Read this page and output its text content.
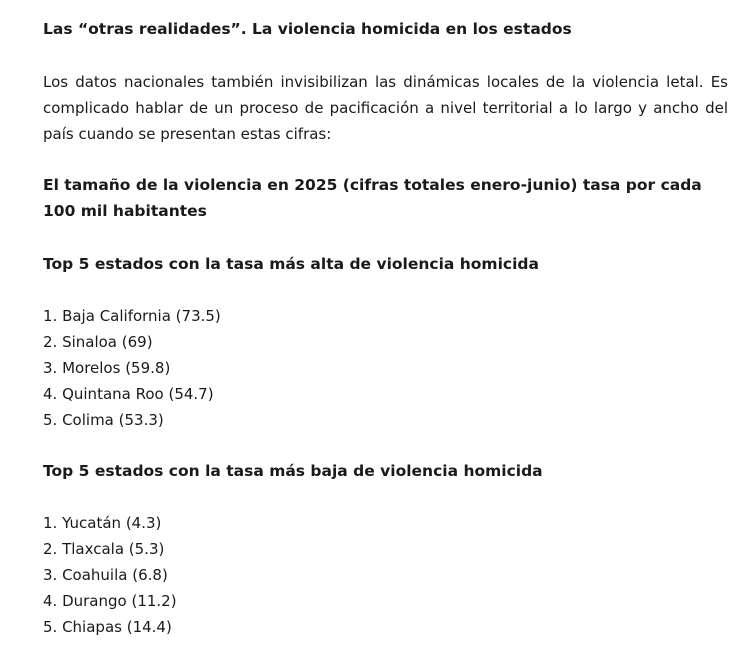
Las “otras realidades”. La violencia homicida en los estados

Los datos nacionales también invisibilizan las dinámicas locales de la violencia letal. Es complicado hablar de un proceso de pacificación a nivel territorial a lo largo y ancho del país cuando se presentan estas cifras:

El tamaño de la violencia en 2025 (cifras totales enero-junio) tasa por cada 100 mil habitantes
Top 5 estados con la tasa más alta de violencia homicida
1. Baja California (73.5)
2. Sinaloa (69)
3. Morelos (59.8)
4. Quintana Roo (54.7)
5. Colima (53.3)
Top 5 estados con la tasa más baja de violencia homicida
1. Yucatán (4.3)
2. Tlaxcala (5.3)
3. Coahuila (6.8)
4. Durango (11.2)
5. Chiapas (14.4)
